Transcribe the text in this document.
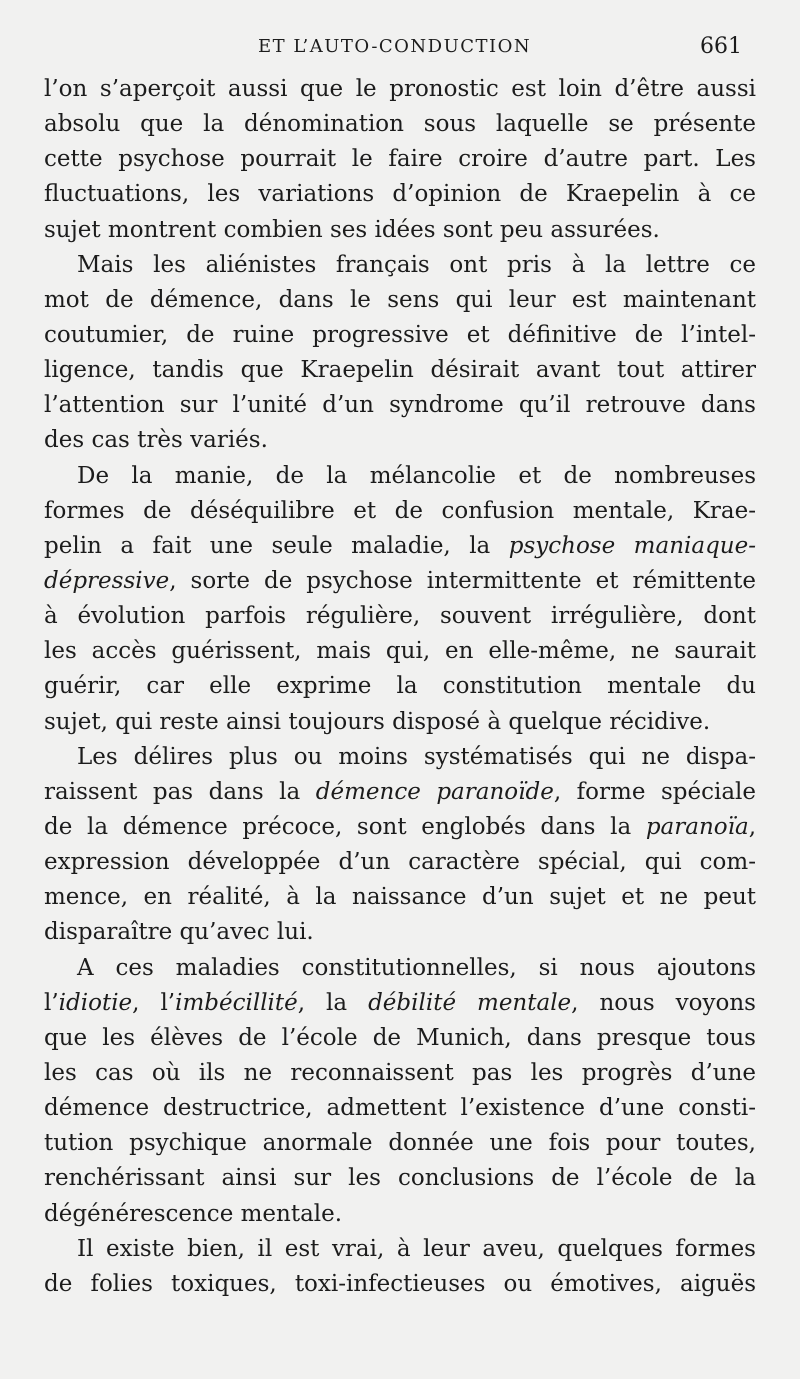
ET L’AUTO-CONDUCTION	661
l’on s’aperçoit aussi que le pronostic est loin d’être aussi
absolu que la dénomination sous laquelle se présente
cette psychose pourrait le faire croire d’autre part. Les
fluctuations, les variations d’opinion de Kraepelin à ce
sujet montrent combien ses idées sont peu assurées.
Mais les aliénistes français ont pris à la lettre ce
mot de démence, dans le sens qui leur est maintenant
coutumier, de ruine progressive et définitive de l’intel-
ligence, tandis que Kraepelin désirait avant tout attirer
l’attention sur l’unité d’un syndrome qu’il retrouve dans
des cas très variés.
De la manie, de la mélancolie et de nombreuses
formes de déséquilibre et de confusion mentale, Krae-
pelin a fait une seule maladie, la psychose maniaque-
dépressive, sorte de psychose intermittente et rémittente
à évolution parfois régulière, souvent irrégulière, dont
les accès guérissent, mais qui, en elle-même, ne saurait
guérir, car elle exprime la constitution mentale du
sujet, qui reste ainsi toujours disposé à quelque récidive.
Les délires plus ou moins systématisés qui ne dispa-
raissent pas dans la démence paranoïde, forme spéciale
de la démence précoce, sont englobés dans la paranoïa,
expression développée d’un caractère spécial, qui com-
mence, en réalité, à la naissance d’un sujet et ne peut
disparaître qu’avec lui.
A ces maladies constitutionnelles, si nous ajoutons
l’idiotie, l’imbécillité, la débilité mentale, nous voyons
que les élèves de l’école de Munich, dans presque tous
les cas où ils ne reconnaissent pas les progrès d’une
démence destructrice, admettent l’existence d’une consti-
tution psychique anormale donnée une fois pour toutes,
renchérissant ainsi sur les conclusions de l’école de la
dégénérescence mentale.
Il existe bien, il est vrai, à leur aveu, quelques formes
de folies toxiques, toxi-infectieuses ou émotives, aiguës
